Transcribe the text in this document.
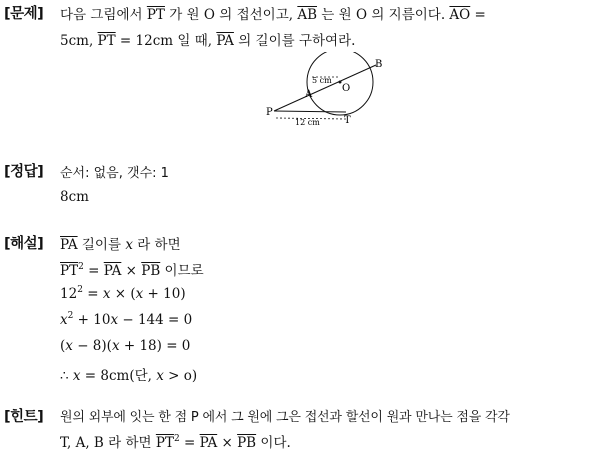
[문제] 다음 그림에서 $\overline{PT}$ 가 원 O 의 접선이고, $\overline{AB}$ 는 원 O 의 지름이다. $\overline{AO}$ =
5cm, $\overline{PT} = 12cm$ 일 때, $\overline{PA}$ 의 길이를 구하여라.
B
O
A
P
T
5 cm
12 cm
[정답] 순서: 없음, 갯수: 1
8cm
[해설] $\overline{PA}$ 길이를 x 라 하면
$\overline{PT}^2 = \overline{PA} \times \overline{PB}$ 이므로
$12^2 = x \times (x + 10)$
$x^2 + 10x - 144 = 0$
(x − 8)(x + 18) = 0
∴ x = 8cm(단, x > o)
[힌트] 원의 외부에 잇는 한 점 P 에서 그 원에 그은 접선과 할선이 원과 만나는 점을 각각
T, A, B 라 하면 $\overline{PT}^2 = \overline{PA} \times \overline{PB}$ 이다.
